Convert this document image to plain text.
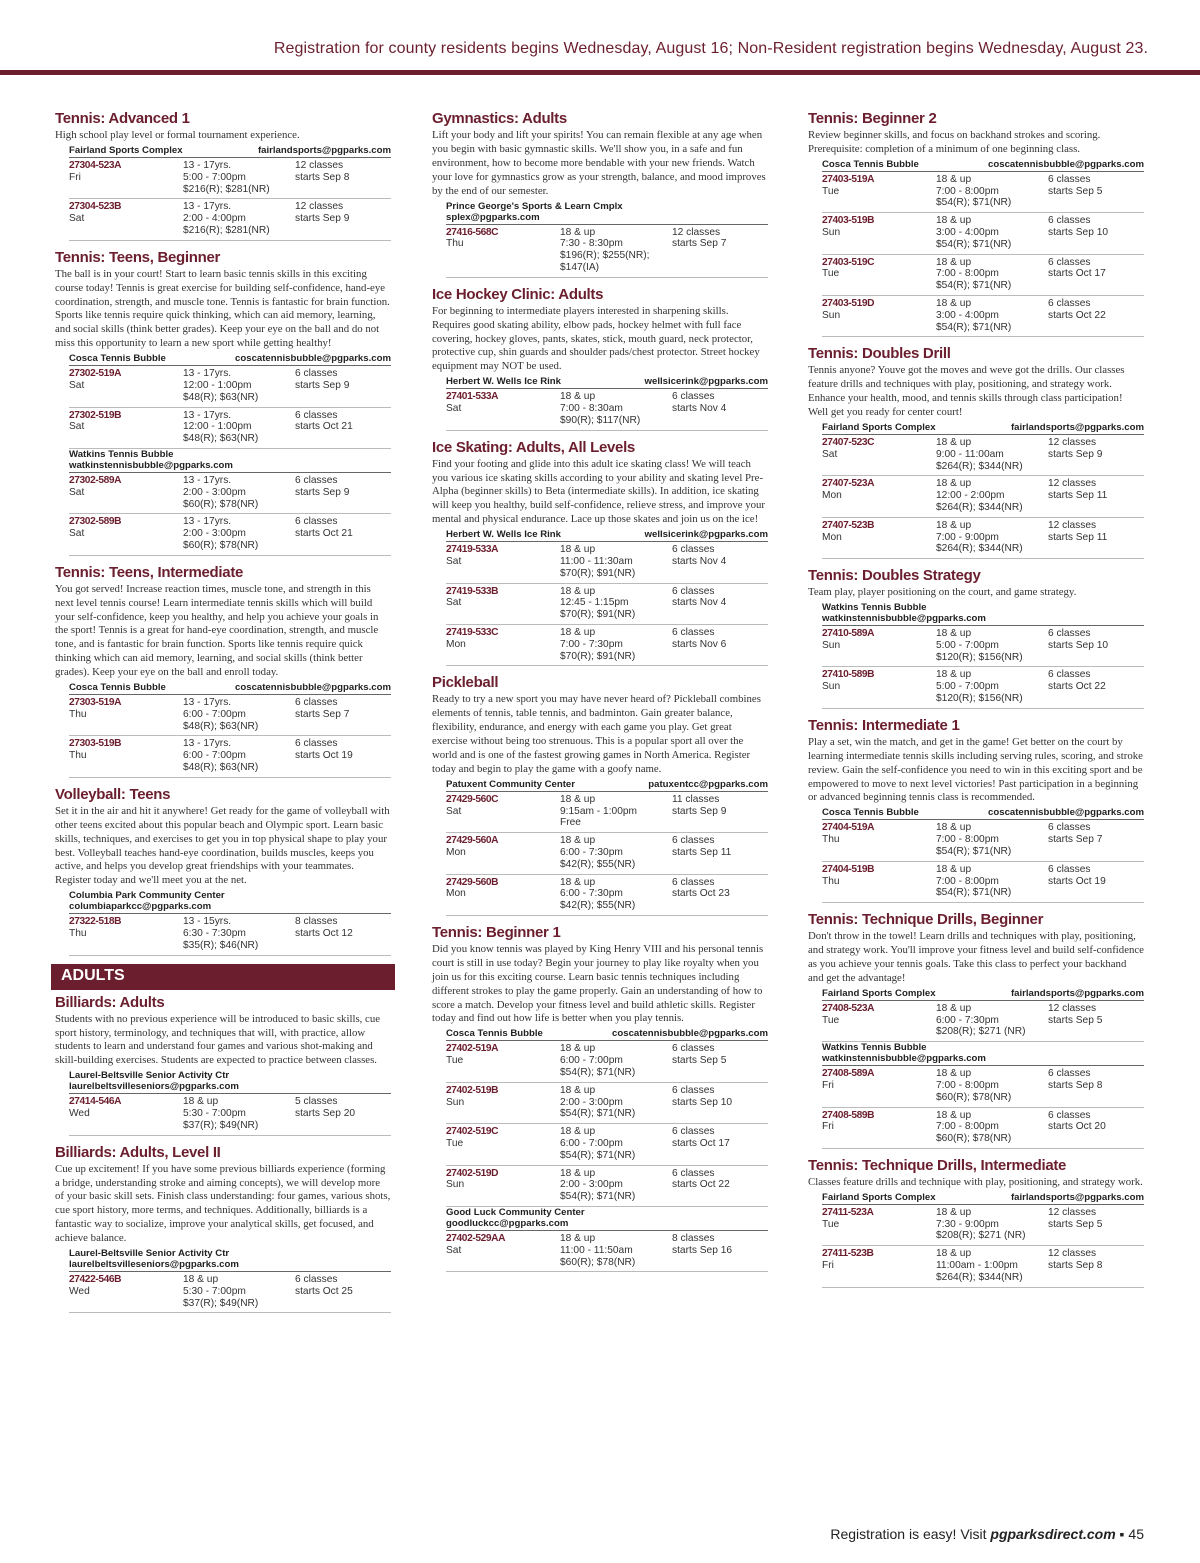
Registration for county residents begins Wednesday, August 16; Non-Resident registration begins Wednesday, August 23.
Tennis: Advanced 1
High school play level or formal tournament experience.
Fairland Sports Complex	fairlandsports@pgparks.com
27304-523A
Fri
13 - 17yrs.
5:00 - 7:00pm
$216(R); $281(NR)
12 classes
starts Sep 8
27304-523B
Sat
13 - 17yrs.
2:00 - 4:00pm
$216(R); $281(NR)
12 classes
starts Sep 9
Tennis: Teens, Beginner
The ball is in your court! Start to learn basic tennis skills in this exciting course today! Tennis is great exercise for building self-confidence, hand-eye coordination, strength, and muscle tone. Tennis is fantastic for brain function. Sports like tennis require quick thinking, which can aid memory, learning, and social skills (think better grades). Keep your eye on the ball and do not miss this opportunity to learn a new sport while getting healthy!
Cosca Tennis Bubble	coscatennisbubble@pgparks.com
27302-519A
Sat
13 - 17yrs.
12:00 - 1:00pm
$48(R); $63(NR)
6 classes
starts Sep 9
27302-519B
Sat
13 - 17yrs.
12:00 - 1:00pm
$48(R); $63(NR)
6 classes
starts Oct 21
Watkins Tennis Bubble
watkinstennisbubble@pgparks.com
27302-589A
Sat
13 - 17yrs.
2:00 - 3:00pm
$60(R); $78(NR)
6 classes
starts Sep 9
27302-589B
Sat
13 - 17yrs.
2:00 - 3:00pm
$60(R); $78(NR)
6 classes
starts Oct 21
Tennis: Teens, Intermediate
You got served! Increase reaction times, muscle tone, and strength in this next level tennis course! Learn intermediate tennis skills which will build your self-confidence, keep you healthy, and help you achieve your goals in the sport! Tennis is a great for hand-eye coordination, strength, and muscle tone, and is fantastic for brain function. Sports like tennis require quick thinking which can aid memory, learning, and social skills (think better grades). Keep your eye on the ball and enroll today.
Cosca Tennis Bubble	coscatennisbubble@pgparks.com
27303-519A
Thu
13 - 17yrs.
6:00 - 7:00pm
$48(R); $63(NR)
6 classes
starts Sep 7
27303-519B
Thu
13 - 17yrs.
6:00 - 7:00pm
$48(R); $63(NR)
6 classes
starts Oct 19
Volleyball: Teens
Set it in the air and hit it anywhere! Get ready for the game of volleyball with other teens excited about this popular beach and Olympic sport. Learn basic skills, techniques, and exercises to get you in top physical shape to play your best. Volleyball teaches hand-eye coordination, builds muscles, keeps you active, and helps you develop great friendships with your teammates. Register today and we'll meet you at the net.
Columbia Park Community Center
columbiaparkcc@pgparks.com
27322-518B
Thu
13 - 15yrs.
6:30 - 7:30pm
$35(R); $46(NR)
8 classes
starts Oct 12
ADULTS
Billiards: Adults
Students with no previous experience will be introduced to basic skills, cue sport history, terminology, and techniques that will, with practice, allow students to learn and understand four games and various shot-making and skill-building exercises. Students are expected to practice between classes.
Laurel-Beltsville Senior Activity Ctr
laurelbeltsvilleseniors@pgparks.com
27414-546A
Wed
18 & up
5:30 - 7:00pm
$37(R); $49(NR)
5 classes
starts Sep 20
Billiards: Adults, Level II
Cue up excitement! If you have some previous billiards experience (forming a bridge, understanding stroke and aiming concepts), we will develop more of your basic skill sets. Finish class understanding: four games, various shots, cue sport history, more terms, and techniques. Additionally, billiards is a fantastic way to socialize, improve your analytical skills, get focused, and achieve balance.
Laurel-Beltsville Senior Activity Ctr
laurelbeltsvilleseniors@pgparks.com
27422-546B
Wed
18 & up
5:30 - 7:00pm
$37(R); $49(NR)
6 classes
starts Oct 25
Gymnastics: Adults
Lift your body and lift your spirits! You can remain flexible at any age when you begin with basic gymnastic skills. We'll show you, in a safe and fun environment, how to become more bendable with your new friends. Watch your love for gymnastics grow as your strength, balance, and mood improves by the end of our semester.
Prince George's Sports & Learn Cmplx
splex@pgparks.com
27416-568C
Thu
18 & up
7:30 - 8:30pm
$196(R); $255(NR); $147(IA)
12 classes
starts Sep 7
Ice Hockey Clinic: Adults
For beginning to intermediate players interested in sharpening skills. Requires good skating ability, elbow pads, hockey helmet with full face covering, hockey gloves, pants, skates, stick, mouth guard, neck protector, protective cup, shin guards and shoulder pads/chest protector. Street hockey equipment may NOT be used.
Herbert W. Wells Ice Rink	wellsicerink@pgparks.com
27401-533A
Sat
18 & up
7:00 - 8:30am
$90(R); $117(NR)
6 classes
starts Nov 4
Ice Skating: Adults, All Levels
Find your footing and glide into this adult ice skating class! We will teach you various ice skating skills according to your ability and skating level Pre-Alpha (beginner skills) to Beta (intermediate skills). In addition, ice skating will keep you healthy, build self-confidence, relieve stress, and improve your mental and physical endurance. Lace up those skates and join us on the ice!
Herbert W. Wells Ice Rink	wellsicerink@pgparks.com
27419-533A
Sat
18 & up
11:00 - 11:30am
$70(R); $91(NR)
6 classes
starts Nov 4
27419-533B
Sat
18 & up
12:45 - 1:15pm
$70(R); $91(NR)
6 classes
starts Nov 4
27419-533C
Mon
18 & up
7:00 - 7:30pm
$70(R); $91(NR)
6 classes
starts Nov 6
Pickleball
Ready to try a new sport you may have never heard of? Pickleball combines elements of tennis, table tennis, and badminton. Gain greater balance, flexibility, endurance, and energy with each game you play. Get great exercise without being too strenuous. This is a popular sport all over the world and is one of the fastest growing games in North America. Register today and begin to play the game with a goofy name.
Patuxent Community Center	patuxentcc@pgparks.com
27429-560C
Sat
18 & up
9:15am - 1:00pm
Free
11 classes
starts Sep 9
27429-560A
Mon
18 & up
6:00 - 7:30pm
$42(R); $55(NR)
6 classes
starts Sep 11
27429-560B
Mon
18 & up
6:00 - 7:30pm
$42(R); $55(NR)
6 classes
starts Oct 23
Tennis: Beginner 1
Did you know tennis was played by King Henry VIII and his personal tennis court is still in use today? Begin your journey to play like royalty when you join us for this exciting course. Learn basic tennis techniques including different strokes to play the game properly. Gain an understanding of how to score a match. Develop your fitness level and build athletic skills. Register today and find out how life is better when you play tennis.
Cosca Tennis Bubble	coscatennisbubble@pgparks.com
27402-519A
Tue
18 & up
6:00 - 7:00pm
$54(R); $71(NR)
6 classes
starts Sep 5
27402-519B
Sun
18 & up
2:00 - 3:00pm
$54(R); $71(NR)
6 classes
starts Sep 10
27402-519C
Tue
18 & up
6:00 - 7:00pm
$54(R); $71(NR)
6 classes
starts Oct 17
27402-519D
Sun
18 & up
2:00 - 3:00pm
$54(R); $71(NR)
6 classes
starts Oct 22
Good Luck Community Center
goodluckcc@pgparks.com
27402-529AA
Sat
18 & up
11:00 - 11:50am
$60(R); $78(NR)
8 classes
starts Sep 16
Tennis: Beginner 2
Review beginner skills, and focus on backhand strokes and scoring. Prerequisite: completion of a minimum of one beginning class.
Cosca Tennis Bubble	coscatennisbubble@pgparks.com
27403-519A
Tue
18 & up
7:00 - 8:00pm
$54(R); $71(NR)
6 classes
starts Sep 5
27403-519B
Sun
18 & up
3:00 - 4:00pm
$54(R); $71(NR)
6 classes
starts Sep 10
27403-519C
Tue
18 & up
7:00 - 8:00pm
$54(R); $71(NR)
6 classes
starts Oct 17
27403-519D
Sun
18 & up
3:00 - 4:00pm
$54(R); $71(NR)
6 classes
starts Oct 22
Tennis: Doubles Drill
Tennis anyone? Youve got the moves and weve got the drills. Our classes feature drills and techniques with play, positioning, and strategy work. Enhance your health, mood, and tennis skills through class participation! Well get you ready for center court!
Fairland Sports Complex	fairlandsports@pgparks.com
27407-523C
Sat
18 & up
9:00 - 11:00am
$264(R); $344(NR)
12 classes
starts Sep 9
27407-523A
Mon
18 & up
12:00 - 2:00pm
$264(R); $344(NR)
12 classes
starts Sep 11
27407-523B
Mon
18 & up
7:00 - 9:00pm
$264(R); $344(NR)
12 classes
starts Sep 11
Tennis: Doubles Strategy
Team play, player positioning on the court, and game strategy.
Watkins Tennis Bubble
watkinstennisbubble@pgparks.com
27410-589A
Sun
18 & up
5:00 - 7:00pm
$120(R); $156(NR)
6 classes
starts Sep 10
27410-589B
Sun
18 & up
5:00 - 7:00pm
$120(R); $156(NR)
6 classes
starts Oct 22
Tennis: Intermediate 1
Play a set, win the match, and get in the game! Get better on the court by learning intermediate tennis skills including serving rules, scoring, and stroke review. Gain the self-confidence you need to win in this exciting sport and be empowered to move to next level victories! Past participation in a beginning or advanced beginning tennis class is recommended.
Cosca Tennis Bubble	coscatennisbubble@pgparks.com
27404-519A
Thu
18 & up
7:00 - 8:00pm
$54(R); $71(NR)
6 classes
starts Sep 7
27404-519B
Thu
18 & up
7:00 - 8:00pm
$54(R); $71(NR)
6 classes
starts Oct 19
Tennis: Technique Drills, Beginner
Don't throw in the towel! Learn drills and techniques with play, positioning, and strategy work. You'll improve your fitness level and build self-confidence as you achieve your tennis goals. Take this class to perfect your backhand and get the advantage!
Fairland Sports Complex	fairlandsports@pgparks.com
27408-523A
Tue
18 & up
6:00 - 7:30pm
$208(R); $271 (NR)
12 classes
starts Sep 5
Watkins Tennis Bubble
watkinstennisbubble@pgparks.com
27408-589A
Fri
18 & up
7:00 - 8:00pm
$60(R); $78(NR)
6 classes
starts Sep 8
27408-589B
Fri
18 & up
7:00 - 8:00pm
$60(R); $78(NR)
6 classes
starts Oct 20
Tennis: Technique Drills, Intermediate
Classes feature drills and technique with play, positioning, and strategy work.
Fairland Sports Complex	fairlandsports@pgparks.com
27411-523A
Tue
18 & up
7:30 - 9:00pm
$208(R); $271 (NR)
12 classes
starts Sep 5
27411-523B
Fri
18 & up
11:00am - 1:00pm
$264(R); $344(NR)
12 classes
starts Sep 8
Registration is easy! Visit pgparksdirect.com ▪ 45
